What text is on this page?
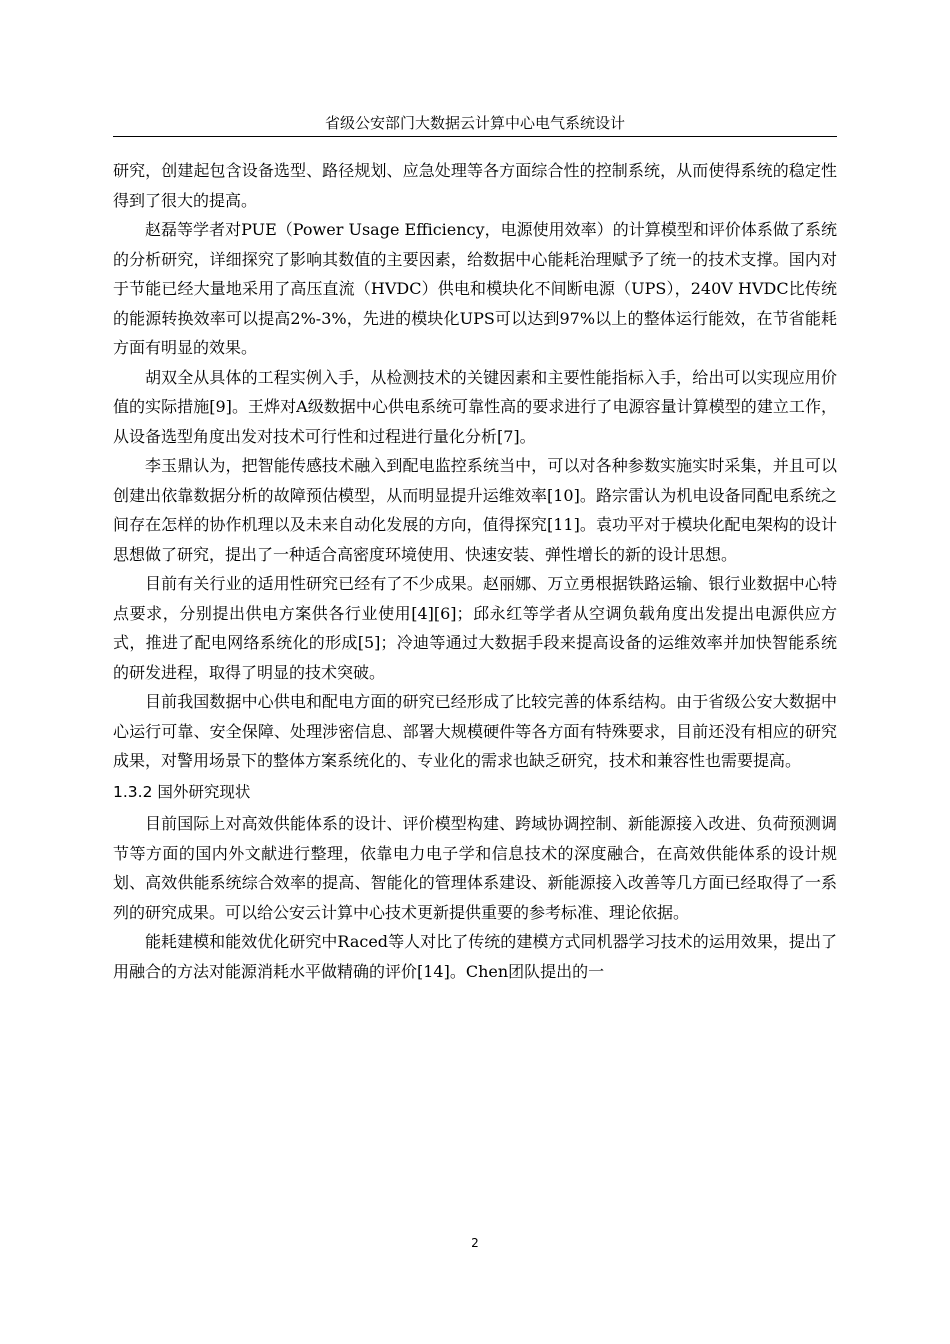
省级公安部门大数据云计算中心电气系统设计

研究，创建起包含设备选型、路径规划、应急处理等各方面综合性的控制系统，从而使得系统的稳定性得到了很大的提高。

赵磊等学者对PUE（Power Usage Efficiency，电源使用效率）的计算模型和评价体系做了系统的分析研究，详细探究了影响其数值的主要因素，给数据中心能耗治理赋予了统一的技术支撑。国内对于节能已经大量地采用了高压直流（HVDC）供电和模块化不间断电源（UPS），240V HVDC比传统的能源转换效率可以提高2%-3%，先进的模块化UPS可以达到97%以上的整体运行能效，在节省能耗方面有明显的效果。

胡双全从具体的工程实例入手，从检测技术的关键因素和主要性能指标入手，给出可以实现应用价值的实际措施[9]。王烨对A级数据中心供电系统可靠性高的要求进行了电源容量计算模型的建立工作，从设备选型角度出发对技术可行性和过程进行量化分析[7]。

李玉鼎认为，把智能传感技术融入到配电监控系统当中，可以对各种参数实施实时采集，并且可以创建出依靠数据分析的故障预估模型，从而明显提升运维效率[10]。路宗雷认为机电设备同配电系统之间存在怎样的协作机理以及未来自动化发展的方向，值得探究[11]。袁功平对于模块化配电架构的设计思想做了研究，提出了一种适合高密度环境使用、快速安装、弹性增长的新的设计思想。

目前有关行业的适用性研究已经有了不少成果。赵丽娜、万立勇根据铁路运输、银行业数据中心特点要求，分别提出供电方案供各行业使用[4][6]；邱永红等学者从空调负载角度出发提出电源供应方式，推进了配电网络系统化的形成[5]；冷迪等通过大数据手段来提高设备的运维效率并加快智能系统的研发进程，取得了明显的技术突破。

目前我国数据中心供电和配电方面的研究已经形成了比较完善的体系结构。由于省级公安大数据中心运行可靠、安全保障、处理涉密信息、部署大规模硬件等各方面有特殊要求，目前还没有相应的研究成果，对警用场景下的整体方案系统化的、专业化的需求也缺乏研究，技术和兼容性也需要提高。

1.3.2 国外研究现状

目前国际上对高效供能体系的设计、评价模型构建、跨域协调控制、新能源接入改进、负荷预测调节等方面的国内外文献进行整理，依靠电力电子学和信息技术的深度融合，在高效供能体系的设计规划、高效供能系统综合效率的提高、智能化的管理体系建设、新能源接入改善等几方面已经取得了一系列的研究成果。可以给公安云计算中心技术更新提供重要的参考标准、理论依据。

能耗建模和能效优化研究中Raced等人对比了传统的建模方式同机器学习技术的运用效果，提出了用融合的方法对能源消耗水平做精确的评价[14]。Chen团队提出的一

2
